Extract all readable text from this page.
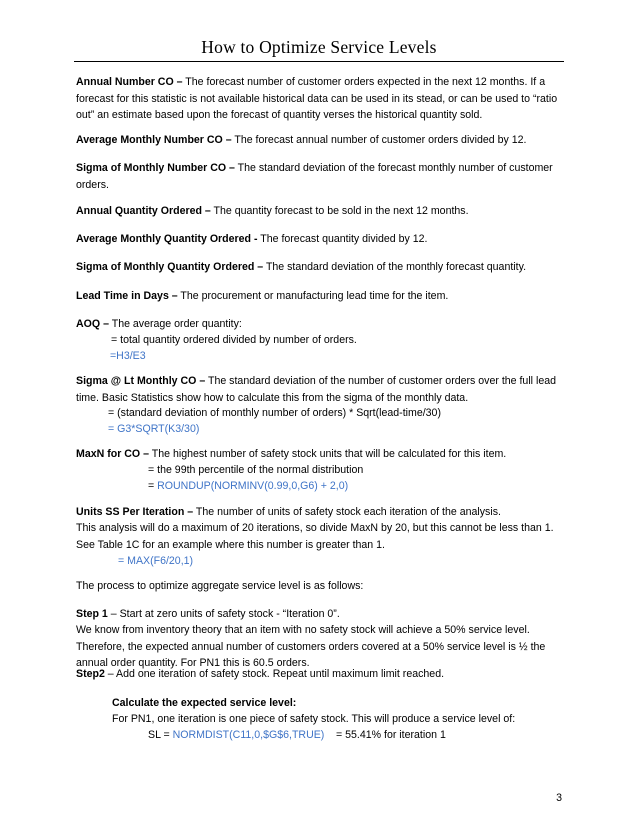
How to Optimize Service Levels
Annual Number CO – The forecast number of customer orders expected in the next 12 months. If a forecast for this statistic is not available historical data can be used in its stead, or can be used to “ratio out” an estimate based upon the forecast of quantity verses the historical quantity sold.
Average Monthly Number CO – The forecast annual number of customer orders divided by 12.
Sigma of Monthly Number CO – The standard deviation of the forecast monthly number of customer orders.
Annual Quantity Ordered – The quantity forecast to be sold in the next 12 months.
Average Monthly Quantity Ordered - The forecast quantity divided by 12.
Sigma of Monthly Quantity Ordered – The standard deviation of the monthly forecast quantity.
Lead Time in Days – The procurement or manufacturing lead time for the item.
AOQ – The average order quantity:
= total quantity ordered divided by number of orders.
=H3/E3
Sigma @ Lt Monthly CO – The standard deviation of the number of customer orders over the full lead time. Basic Statistics show how to calculate this from the sigma of the monthly data.
= (standard deviation of monthly number of orders) * Sqrt(lead-time/30)
= G3*SQRT(K3/30)
MaxN for CO – The highest number of safety stock units that will be calculated for this item.
= the 99th percentile of the normal distribution
= ROUNDUP(NORMINV(0.99,0,G6) + 2,0)
Units SS Per Iteration – The number of units of safety stock each iteration of the analysis.
This analysis will do a maximum of 20 iterations, so divide MaxN by 20, but this cannot be less than 1. See Table 1C for an example where this number is greater than 1.
= MAX(F6/20,1)
The process to optimize aggregate service level is as follows:
Step 1 – Start at zero units of safety stock - “Iteration 0”.
We know from inventory theory that an item with no safety stock will achieve a 50% service level. Therefore, the expected annual number of customers orders covered at a 50% service level is ½ the annual order quantity. For PN1 this is 60.5 orders.
Step2 – Add one iteration of safety stock. Repeat until maximum limit reached.
Calculate the expected service level:
For PN1, one iteration is one piece of safety stock. This will produce a service level of:
SL = NORMDIST(C11,0,$G$6,TRUE) = 55.41% for iteration 1
3
